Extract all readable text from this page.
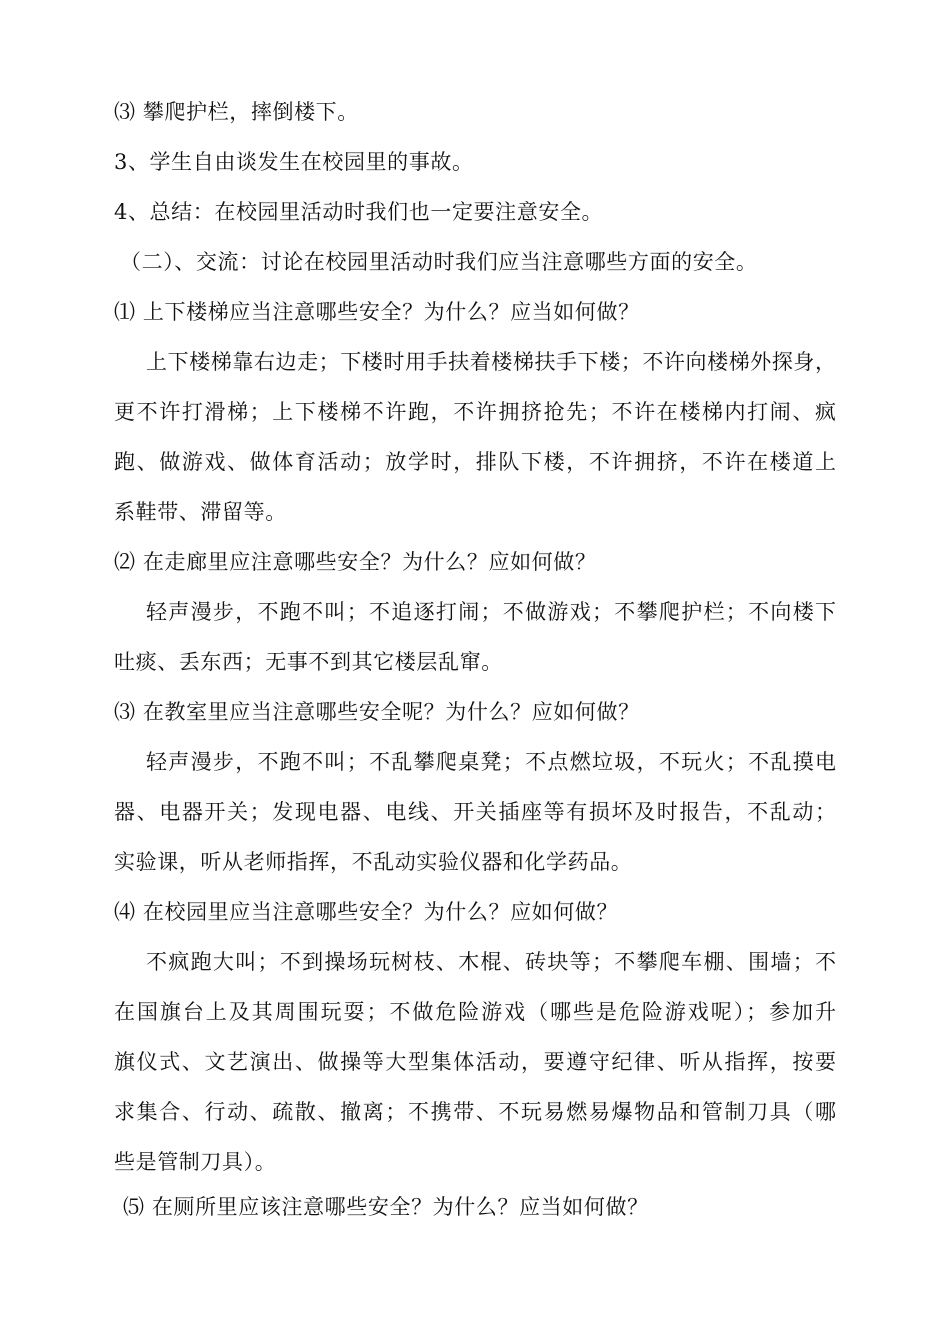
⑶ 攀爬护栏，摔倒楼下。
3、学生自由谈发生在校园里的事故。
4、总结：在校园里活动时我们也一定要注意安全。
（二）、交流：讨论在校园里活动时我们应当注意哪些方面的安全。
⑴ 上下楼梯应当注意哪些安全？为什么？应当如何做？
上下楼梯靠右边走；下楼时用手扶着楼梯扶手下楼；不许向楼梯外探身，
更不许打滑梯；上下楼梯不许跑，不许拥挤抢先；不许在楼梯内打闹、疯
跑、做游戏、做体育活动；放学时，排队下楼，不许拥挤，不许在楼道上
系鞋带、滞留等。
⑵ 在走廊里应注意哪些安全？为什么？应如何做？
轻声漫步，不跑不叫；不追逐打闹；不做游戏；不攀爬护栏；不向楼下
吐痰、丢东西；无事不到其它楼层乱窜。
⑶ 在教室里应当注意哪些安全呢？为什么？应如何做？
轻声漫步，不跑不叫；不乱攀爬桌凳；不点燃垃圾，不玩火；不乱摸电
器、电器开关；发现电器、电线、开关插座等有损坏及时报告，不乱动；
实验课，听从老师指挥，不乱动实验仪器和化学药品。
⑷ 在校园里应当注意哪些安全？为什么？应如何做？
不疯跑大叫；不到操场玩树枝、木棍、砖块等；不攀爬车棚、围墙；不
在国旗台上及其周围玩耍；不做危险游戏（哪些是危险游戏呢）；参加升
旗仪式、文艺演出、做操等大型集体活动，要遵守纪律、听从指挥，按要
求集合、行动、疏散、撤离；不携带、不玩易燃易爆物品和管制刀具（哪
些是管制刀具）。
⑸ 在厕所里应该注意哪些安全？为什么？应当如何做？
